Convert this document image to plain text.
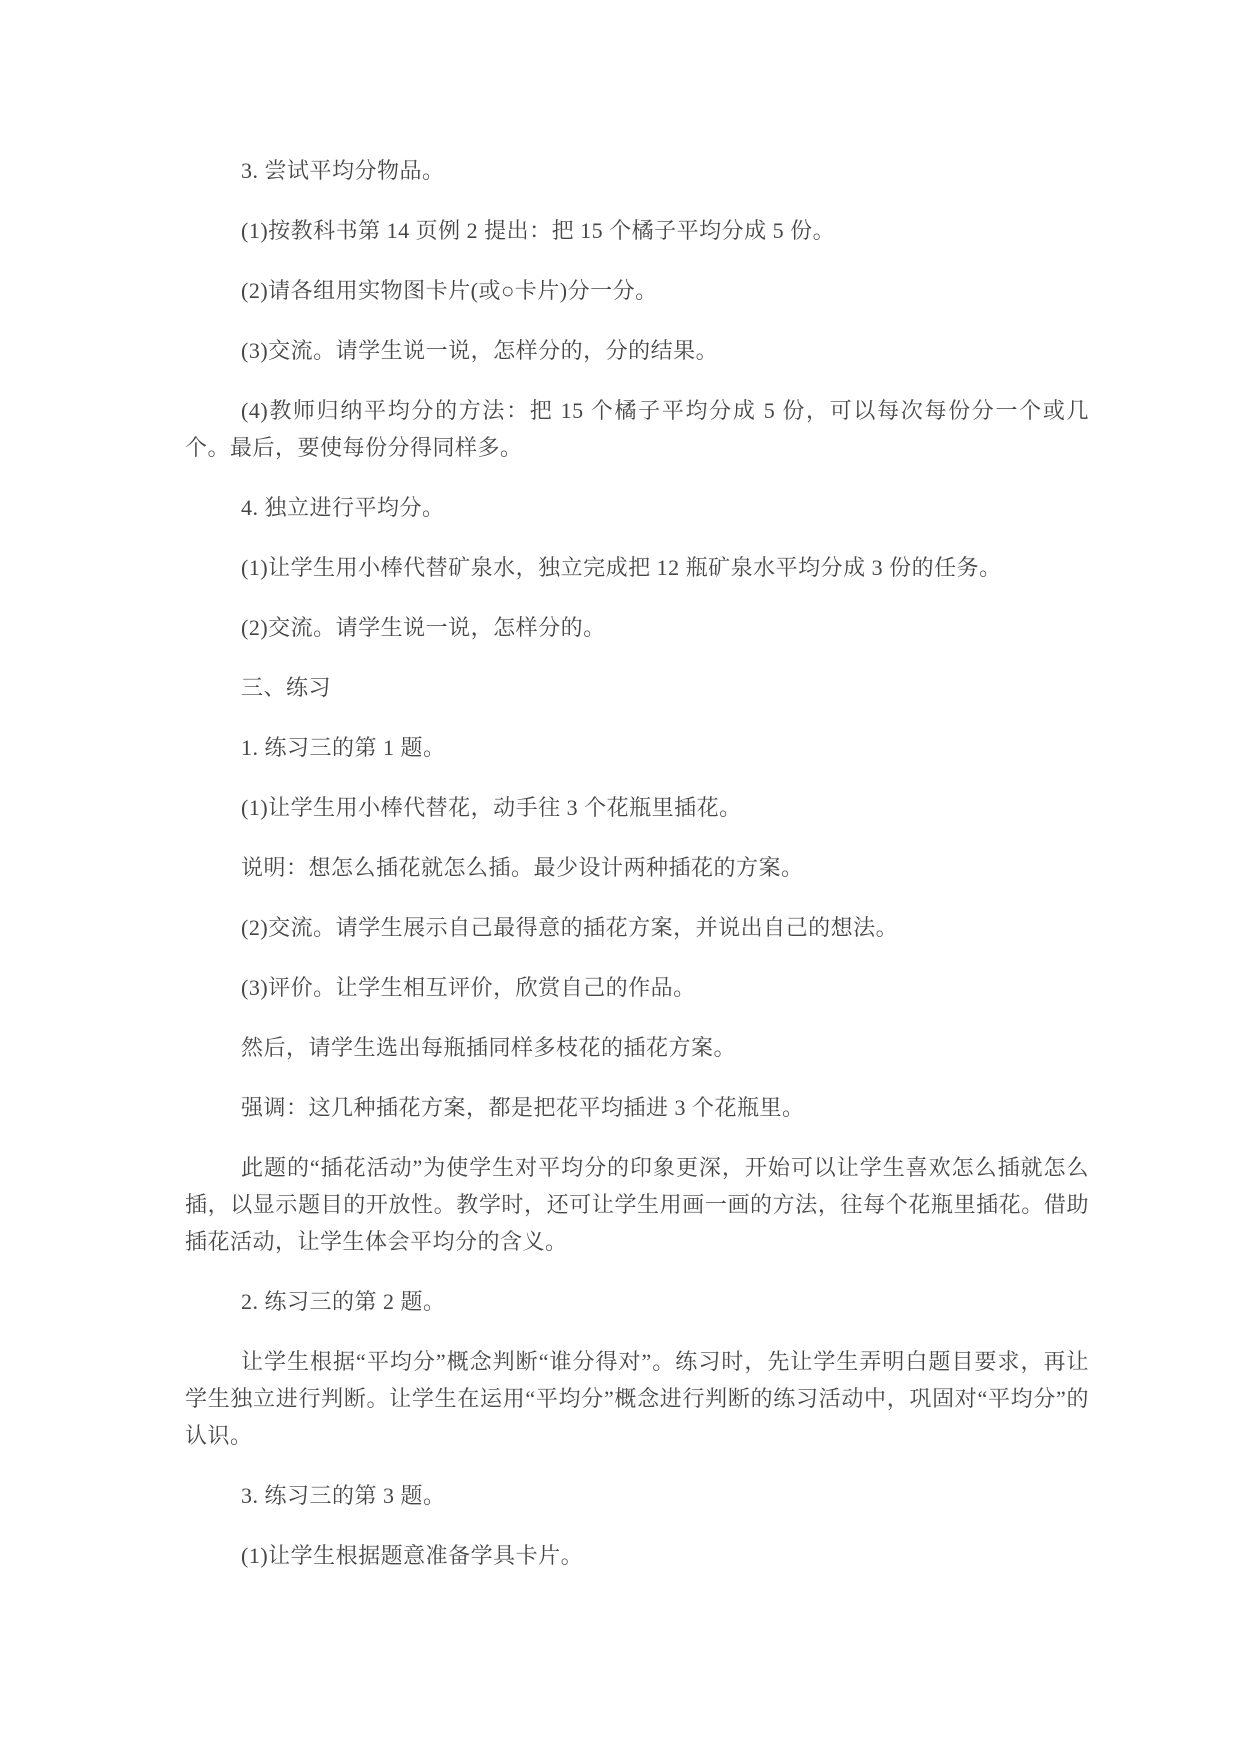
3. 尝试平均分物品。

(1)按教科书第 14 页例 2 提出：把 15 个橘子平均分成 5 份。

(2)请各组用实物图卡片(或○卡片)分一分。

(3)交流。请学生说一说，怎样分的，分的结果。

(4)教师归纳平均分的方法：把 15 个橘子平均分成 5 份，可以每次每份分一个或几个。最后，要使每份分得同样多。

4. 独立进行平均分。

(1)让学生用小棒代替矿泉水，独立完成把 12 瓶矿泉水平均分成 3 份的任务。

(2)交流。请学生说一说，怎样分的。

三、练习

1. 练习三的第 1 题。

(1)让学生用小棒代替花，动手往 3 个花瓶里插花。

说明：想怎么插花就怎么插。最少设计两种插花的方案。

(2)交流。请学生展示自己最得意的插花方案，并说出自己的想法。

(3)评价。让学生相互评价，欣赏自己的作品。

然后，请学生选出每瓶插同样多枝花的插花方案。

强调：这几种插花方案，都是把花平均插进 3 个花瓶里。

此题的“插花活动”为使学生对平均分的印象更深，开始可以让学生喜欢怎么插就怎么插，以显示题目的开放性。教学时，还可让学生用画一画的方法，往每个花瓶里插花。借助插花活动，让学生体会平均分的含义。

2. 练习三的第 2 题。

让学生根据“平均分”概念判断“谁分得对”。练习时，先让学生弄明白题目要求，再让学生独立进行判断。让学生在运用“平均分”概念进行判断的练习活动中，巩固对“平均分”的认识。

3. 练习三的第 3 题。

(1)让学生根据题意准备学具卡片。
